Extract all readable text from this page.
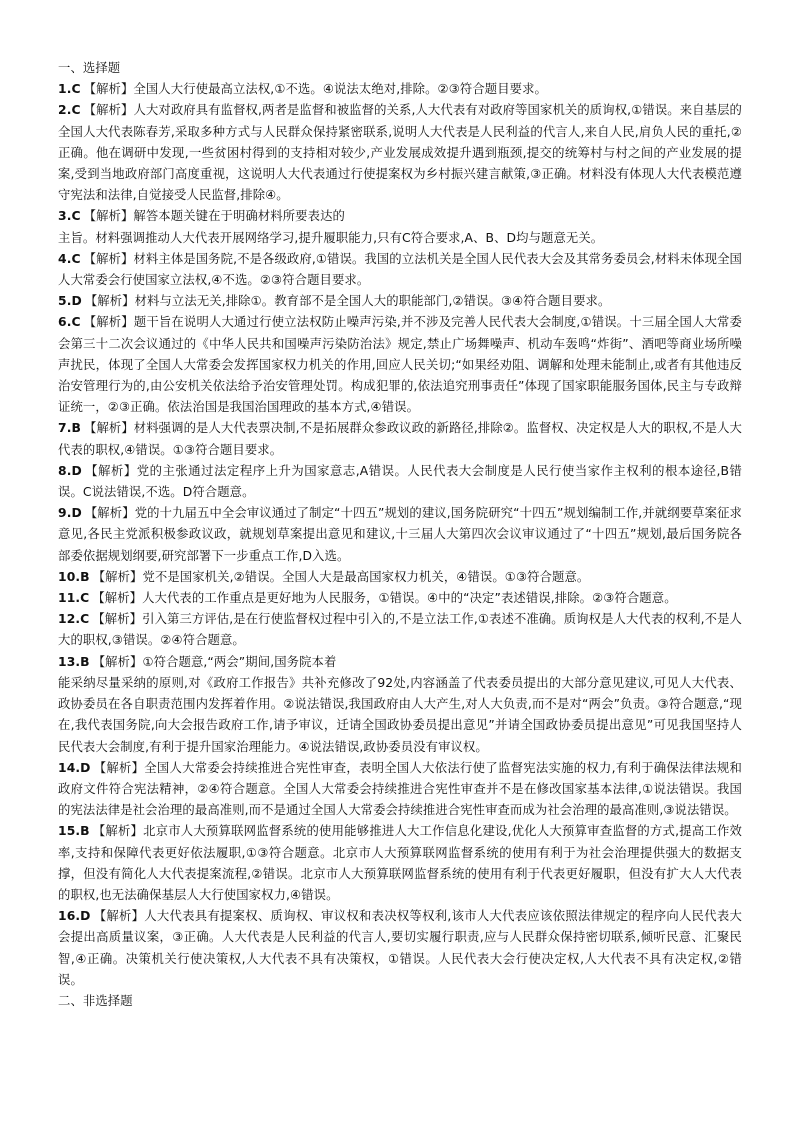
一、选择题
1.C 【解析】全国人大行使最高立法权,①不选。④说法太绝对,排除。②③符合题目要求。
2.C 【解析】人大对政府具有监督权,两者是监督和被监督的关系,人大代表有对政府等国家机关的质询权,①错误。来自基层的全国人大代表陈春芳,采取多种方式与人民群众保持紧密联系,说明人大代表是人民利益的代言人,来自人民,肩负人民的重托,②正确。他在调研中发现,一些贫困村得到的支持相对较少,产业发展成效提升遇到瓶颈,提交的统筹村与村之间的产业发展的提案,受到当地政府部门高度重视，这说明人大代表通过行使提案权为乡村振兴建言献策,③正确。材料没有体现人大代表模范遵守宪法和法律,自觉接受人民监督,排除④。
3.C 【解析】解答本题关键在于明确材料所要表达的
主旨。材料强调推动人大代表开展网络学习,提升履职能力,只有C符合要求,A、B、D均与题意无关。
4.C 【解析】材料主体是国务院,不是各级政府,①错误。我国的立法机关是全国人民代表大会及其常务委员会,材料未体现全国人大常委会行使国家立法权,④不选。②③符合题目要求。
5.D 【解析】材料与立法无关,排除①。教育部不是全国人大的职能部门,②错误。③④符合题目要求。
6.C 【解析】题干旨在说明人大通过行使立法权防止噪声污染,并不涉及完善人民代表大会制度,①错误。十三届全国人大常委会第三十二次会议通过的《中华人民共和国噪声污染防治法》规定,禁止广场舞噪声、机动车轰鸣“炸街”、酒吧等商业场所噪声扰民，体现了全国人大常委会发挥国家权力机关的作用,回应人民关切;“如果经劝阻、调解和处理未能制止,或者有其他违反治安管理行为的,由公安机关依法给予治安管理处罚。构成犯罪的,依法追究刑事责任”体现了国家职能服务国体,民主与专政辩证统一，②③正确。依法治国是我国治国理政的基本方式,④错误。
7.B 【解析】材料强调的是人大代表票决制,不是拓展群众参政议政的新路径,排除②。监督权、决定权是人大的职权,不是人大代表的职权,④错误。①③符合题目要求。
8.D 【解析】党的主张通过法定程序上升为国家意志,A错误。人民代表大会制度是人民行使当家作主权利的根本途径,B错误。C说法错误,不选。D符合题意。
9.D 【解析】党的十九届五中全会审议通过了制定“十四五”规划的建议,国务院研究“十四五”规划编制工作,并就纲要草案征求意见,各民主党派积极参政议政，就规划草案提出意见和建议,十三届人大第四次会议审议通过了“十四五”规划,最后国务院各部委依据规划纲要,研究部署下一步重点工作,D入选。
10.B 【解析】党不是国家机关,②错误。全国人大是最高国家权力机关，④错误。①③符合题意。
11.C 【解析】人大代表的工作重点是更好地为人民服务，①错误。④中的“决定”表述错误,排除。②③符合题意。
12.C 【解析】引入第三方评估,是在行使监督权过程中引入的,不是立法工作,①表述不准确。质询权是人大代表的权利,不是人大的职权,③错误。②④符合题意。
13.B 【解析】①符合题意,“两会”期间,国务院本着
能采纳尽量采纳的原则,对《政府工作报告》共补充修改了92处,内容涵盖了代表委员提出的大部分意见建议,可见人大代表、政协委员在各自职责范围内发挥着作用。②说法错误,我国政府由人大产生,对人大负责,而不是对“两会”负责。③符合题意,“现在,我代表国务院,向大会报告政府工作,请予审议，迁请全国政协委员提出意见”并请全国政协委员提出意见”可见我国坚持人民代表大会制度,有利于提升国家治理能力。④说法错误,政协委员没有审议权。
14.D 【解析】全国人大常委会持续推进合宪性审查，表明全国人大依法行使了监督宪法实施的权力,有利于确保法律法规和政府文件符合宪法精神，②④符合题意。全国人大常委会持续推进合宪性审查并不是在修改国家基本法律,①说法错误。我国的宪法法律是社会治理的最高准则,而不是通过全国人大常委会持续推进合宪性审查而成为社会治理的最高准则,③说法错误。
15.B 【解析】北京市人大预算联网监督系统的使用能够推进人大工作信息化建设,优化人大预算审查监督的方式,提高工作效率,支持和保障代表更好依法履职,①③符合题意。北京市人大预算联网监督系统的使用有利于为社会治理提供强大的数据支撑，但没有简化人大代表提案流程,②错误。北京市人大预算联网监督系统的使用有利于代表更好履职，但没有扩大人大代表的职权,也无法确保基层人大行使国家权力,④错误。
16.D 【解析】人大代表具有提案权、质询权、审议权和表决权等权利,该市人大代表应该依照法律规定的程序向人民代表大会提出高质量议案，③正确。人大代表是人民利益的代言人,要切实履行职责,应与人民群众保持密切联系,倾听民意、汇聚民智,④正确。决策机关行使决策权,人大代表不具有决策权，①错误。人民代表大会行使决定权,人大代表不具有决定权,②错误。
二、非选择题
